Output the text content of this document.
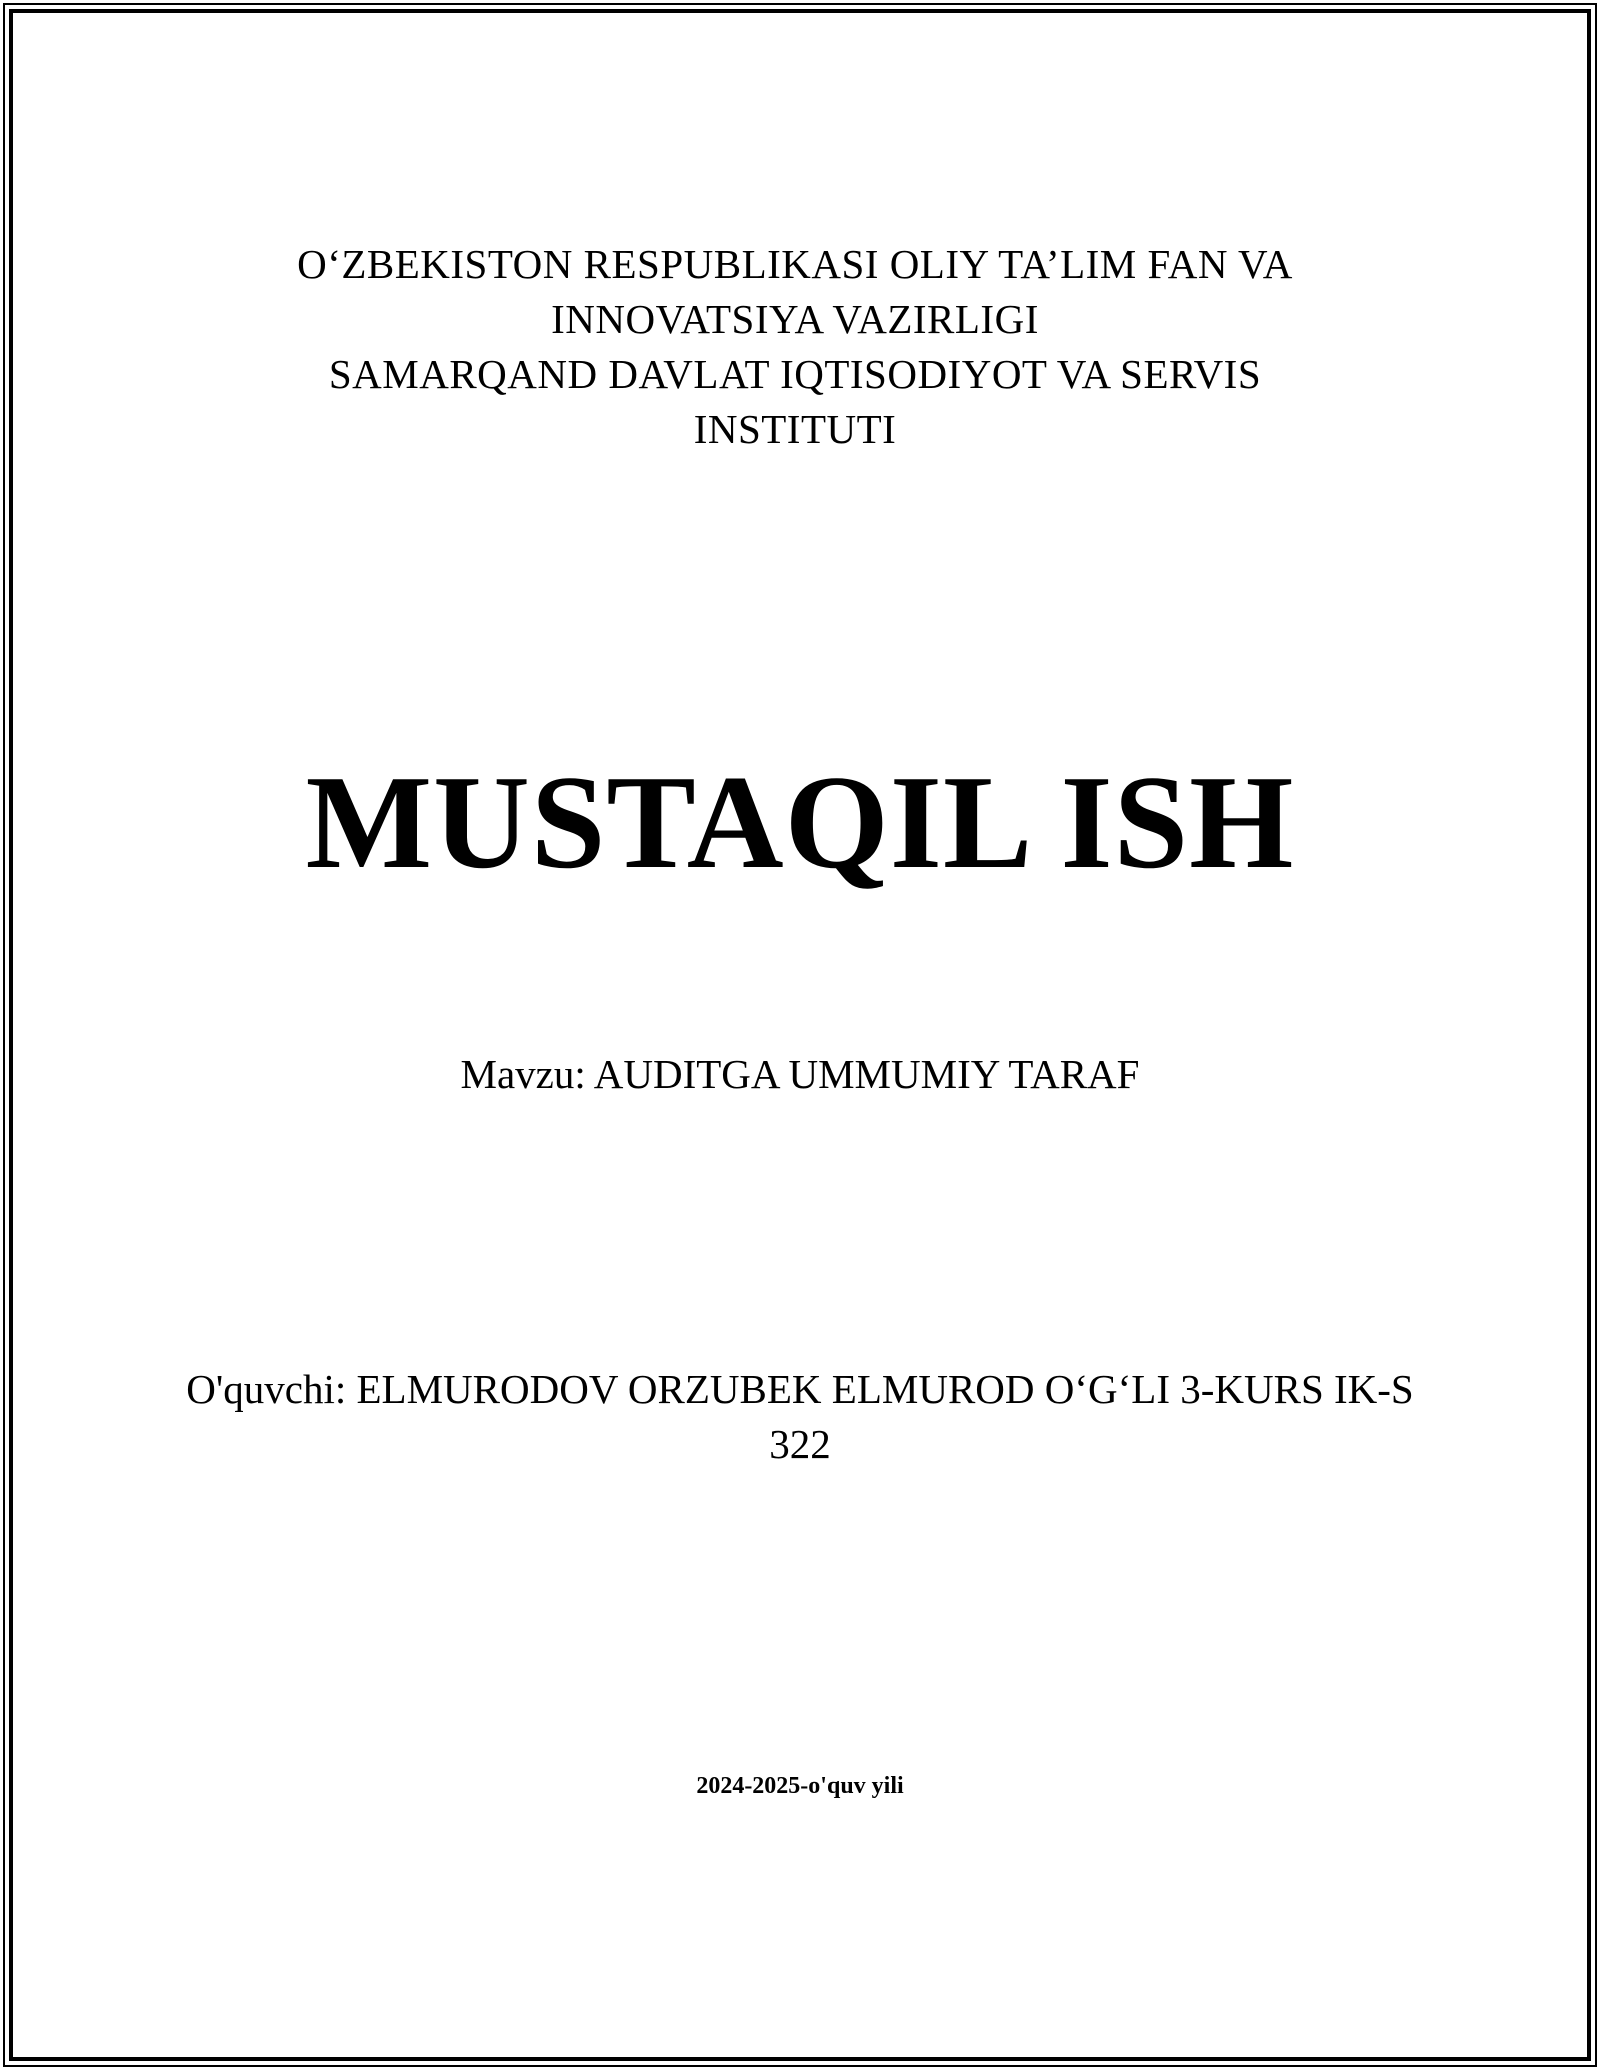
O‘ZBEKISTON RESPUBLIKASI OLIY TA’LIM FAN VA
INNOVATSIYA VAZIRLIGI
SAMARQAND DAVLAT IQTISODIYOT VA SERVIS
INSTITUTI
MUSTAQIL ISH
Mavzu: AUDITGA UMMUMIY TARAF
O'quvchi: ELMURODOV ORZUBEK ELMUROD O‘G‘LI 3-KURS IK-S
322
2024-2025-o'quv yili
